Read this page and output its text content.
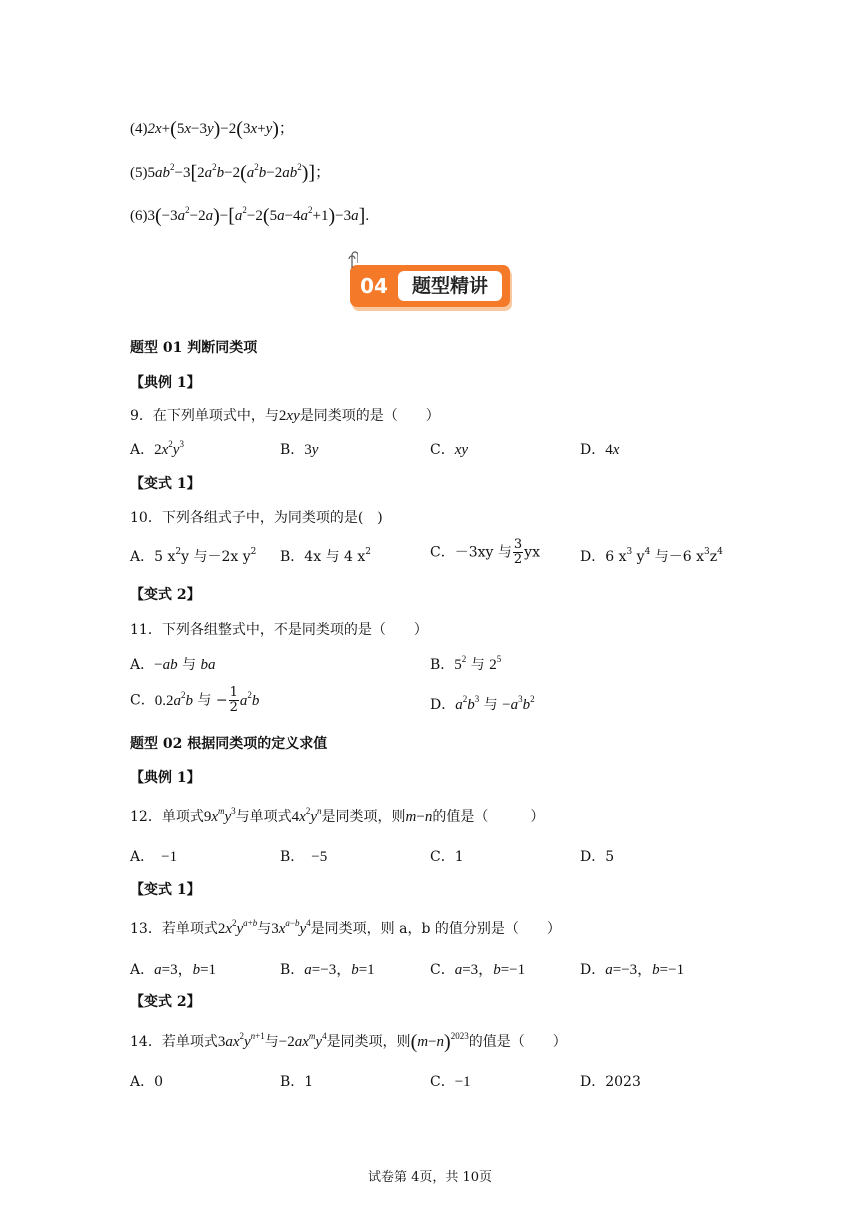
(4)2x+(5x−3y)−2(3x+y)；
$(5)5ab^2-3[2a^2b-2(a^2b-2ab^2)]$；
$(6)3(-3a^2-2a)-[a^2-2(5a-4a^2+1)-3a]$.
04	题型精讲
题型 01 判断同类项
【典例 1】
9．在下列单项式中，与2xy是同类项的是（　　）
A．$2x^2y^3$	B．3y	C．xy	D．4x
【变式 1】
10．下列各组式子中，为同类项的是(　)
A．5 $x^2y$ 与－2x $y^2$ B．4x 与 4 $x^2$	C．－3xy 与 $\frac{3}{2}$ yx	D．6 $x^3$ $y^4$ 与－6 $x^3z^4$
【变式 2】
11．下列各组整式中，不是同类项的是（　　）
A．−ab 与 ba	B．$5^2$ 与 $2^5$
C．$0.2a^2b$ 与 − $\frac{1}{2} a^2b$	D．$a^2b^3$ 与 $-a^3b^2$
题型 02 根据同类项的定义求值
【典例 1】
12．单项式$9x^my^3$与单项式$4x^2y^n$是同类项，则m−n的值是（　　　）
A．　 −1	B．　 −5	C．1	D．5
【变式 1】
13．若单项式$2x^2y^{a+b}$与$3x^{a-b}y^4$是同类项，则 a，b 的值分别是（　　）
A．a=3，b=1	B．a=−3，b=1	C．a=3，b=−1	D．a=−3，b=−1
【变式 2】
14．若单项式$3ax^2y^{n+1}$与$-2ax^my^4$是同类项，则$(m-n)^{2023}$的值是（　　）
A．0	B．1	C．−1	D．2023
试卷第 4页，共 10页
